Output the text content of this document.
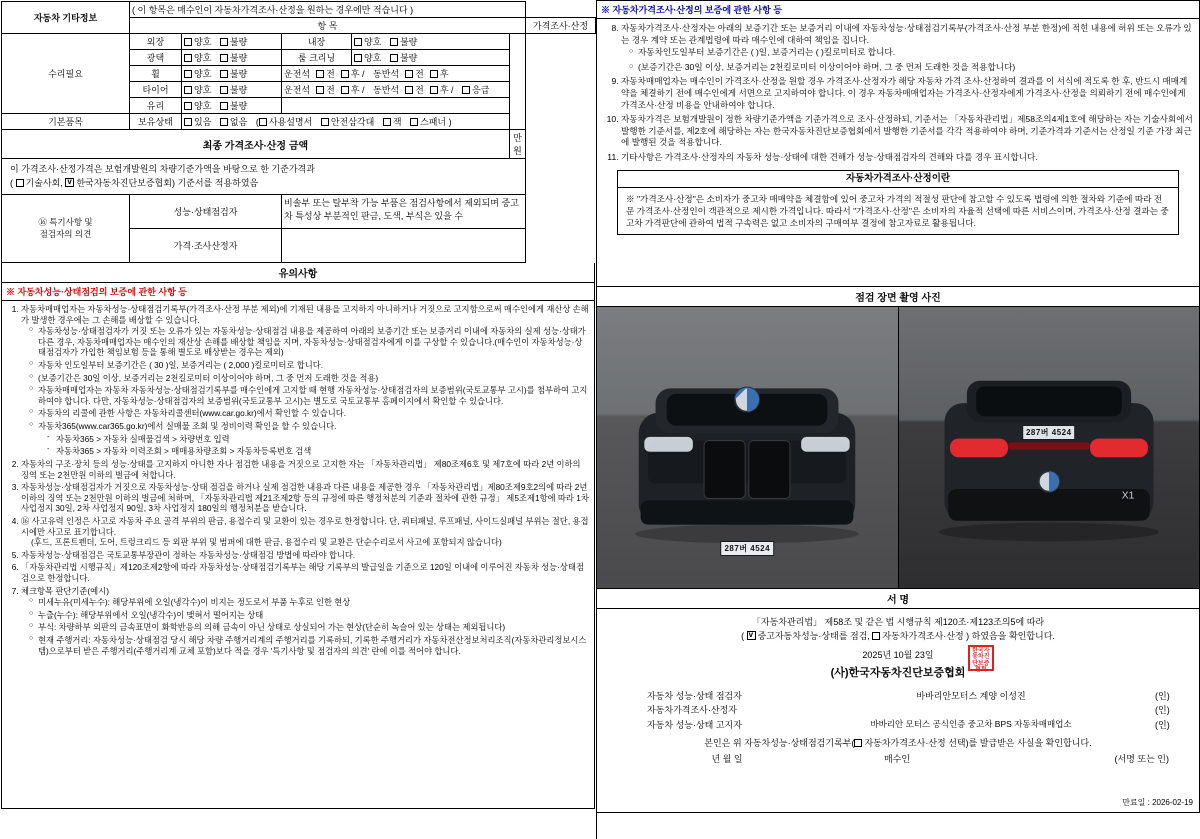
자동차 기타정보	( 이 항목은 매수인이 자동차가격조사·산정을 원하는 경우에만 적습니다 )					
	항 목					가격조사·산정
수리필요	외장	양호 불량	내장	양호 불량		
	광택	양호 불량	룸 크리닝	양호 불량		
	휠	양호 불량	운전석 전 후 / 동반석 전 후			
	타이어	양호 불량	운전석 전 후 / 동반석 전 후 / 응급			
	유리	양호 불량				
기본품목	보유상태	있음 없음 ( 사용설명서 안전삼각대 잭 스패너 )				
최종 가격조사·산정 금액					만원	

이 가격조사·산정가격은 보험개발원의 차량기준가액을 바탕으로 한 기준가격과
( 기술사회, v 한국자동차진단보증협회) 기준서를 적용하였음

⑯ 특기사항 및
점검자의 의견	성능·상태점검자		비솔부 또는 탈부착 가능 부품은 점검사항에서 제외되며 중고차 특성상 부분적인 판금, 도색, 부식은 있을 수			
	가격·조사산정자					
유의사항
※ 자동차성능·상태점검의 보증에 관한 사항 등
1. 자동차매매업자는 자동차성능·상태점검기록부(가격조사·산정 부분 제외)에 기재된 내용을 고지하지 아니하거나 거짓으로 고지함으로써 매수인에게 재산상 손해가 발생한 경우에는 그 손해를 배상할 수 있습니다.
○ 자동차성능·상태점검자가 거짓 또는 오류가 있는 자동차성능·상태점검 내용을 제공하여 아래의 보증기간 또는 보증거리 이내에 자동차의 실제 성능·상태가 다른 경우, 자동차매매업자는 매수인의 재산상 손해를 배상할 책임을 지며, 자동차성능·상태점검자에게 이를 구상할 수 있습니다.(매수인이 자동차성능·상태점검자가 가입한 책임보험 등을 통해 별도로 배상받는 경우는 제외)
○ 자동차 인도일부터 보증기간은 ( 30 )일, 보증거리는 ( 2,000 )킬로미터로 합니다.
○ (보증기간은 30일 이상, 보증거리는 2천킬로미터 이상이어야 하며, 그 중 먼저 도래한 것을 적용)
○ 자동차매매업자는 자동차 자동차성능·상태점검기록부를 매수인에게 고지할 때 현행 자동차성능·상태점검자의 보증범위(국토교통부 고시)를 첨부하여 고지하여야 합니다. 다만, 자동차성능·상태점검자의 보증범위(국토교통부 고시)는 별도로 국토교통부 홈페이지에서 확인할 수 있습니다.
○ 자동차의 리콜에 관한 사항은 자동차리콜센터(www.car.go.kr)에서 확인할 수 있습니다.
○ 자동차365(www.car365.go.kr)에서 실매물 조회 및 정비이력 확인을 할 수 있습니다.
- 자동차365 > 자동차 실매물검색 > 차량번호 입력
- 자동차365 > 자동차 이력조회 > 매매용차량조회 > 자동차등록번호 검색
2. 자동차의 구조·장치 등의 성능·상태를 고지하지 아니한 자나 점검한 내용을 거짓으로 고지한 자는 「자동차관리법」 제80조제6호 및 제7호에 따라 2년 이하의 징역 또는 2천만원 이하의 벌금에 처합니다.
3. 자동차성능·상태점검자가 거짓으로 자동차성능·상태 점검을 하거나 실제 점검한 내용과 다른 내용을 제공한 경우 「자동차관리법」제80조제9호2의에 따라 2년 이하의 징역 또는 2천만원 이하의 벌금에 처하며, 「자동차관리법 제21조제2항 등의 규정에 따른 행정처분의 기준과 절차에 관한 규정」 제5조제1항에 따라 1차 사업정지 30일, 2차 사업정지 90일, 3차 사업정지 180일의 행정처분을 받습니다.
4. ⑯ 사고유력 인정은 사고로 자동차 주요 골격 부위의 판금, 용접수리 및 교환이 있는 경우로 한정합니다. 단, 쿼터패널, 루프패널, 사이드실패널 부위는 절단, 용접 시에만 사고로 표기합니다.
(후드, 프론트펜더, 도어, 트렁크리드 등 외판 부위 및 범퍼에 대한 판금, 용접수리 및 교환은 단순수리로서 사고에 포함되지 않습니다)
5. 자동차성능·상태점검은 국토교통부장관이 정하는 자동차성능·상태점검 방법에 따라야 합니다.
6. 「자동차관리법 시행규칙」제120조제2항에 따라 자동차성능·상태점검기록부는 해당 기록부의 발급일을 기준으로 120일 이내에 이루어진 자동차 성능·상태점검으로 한정합니다.
7. 체크항목 판단기준(예시)
○ 미세누유(미세누수): 해당부위에 오일(냉각수)이 비지는 정도로서 부품 누후로 인한 현상
○ 누출(누수): 해당부위에서 오일(냉각수)이 맺혀서 떨어지는 상태
○ 부식: 차량하부 외판의 금속표면이 화학반응의 의해 금속이 아닌 상태로 상실되어 가는 현상(단순히 녹슬어 있는 상태는 제외됩니다)
○ 현재 주행거리: 자동차성능·상태점검 당시 해당 차량 주행거리계의 주행거리를 기록하되, 기록한 주행거리가 자동차전산정보처리조직(자동차관리정보시스템)으로부터 받은 주행거리(주행거리계 교체 포함)보다 적을 경우 '특기사항 및 점검자의 의견' 란에 이를 적어야 합니다.
※ 자동차가격조사·산정의 보증에 관한 사항 등
8. 자동차가격조사·산정자는 아래의 보증기간 또는 보증거리 이내에 자동차성능·상태점검기록부(가격조사·산정 부분 한정)에 적힌 내용에 허위 또는 오류가 있는 경우 계약 또는 관계법령에 따라 매수인에 대하여 책임을 집니다.
○ 자동차인도일부터 보증기간은 ( )일, 보증거리는 ( )킬로미터로 합니다.
○ (보증기간은 30일 이상, 보증거리는 2천킬로미터 이상이어야 하며, 그 중 먼저 도래한 것을 적용합니다)
9. 자동차매매업자는 매수인이 가격조사·산정을 원할 경우 가격조사·산정자가 해당 자동차 가격 조사·산정하여 결과를 이 서식에 적도록 한 후, 반드시 매매계약을 체결하기 전에 매수인에게 서면으로 고지하여야 합니다. 이 경우 자동차매매업자는 가격조사·산정자에게 가격조사·산정을 의뢰하기 전에 매수인에게 가격조사·산정 비용을 안내하여야 합니다.
10. 자동차가격은 보험개발원이 정한 차량기준가액을 기준가격으로 조사·산정하되, 기준서는 「자동차관리법」제58조의4제1호에 해당하는 자는 기술사회에서 발행한 기준서를, 제2호에 해당하는 자는 한국자동차진단보증협회에서 발행한 기준서를 각각 적용하여야 하며, 기준가격과 기준서는 산정일 기준 가장 최근에 발행된 것을 적용합니다.
11. 기타사항은 가격조사·산정자의 자동차 성능·상태에 대한 견해가 성능·상태점검자의 견해와 다를 경우 표시합니다.
자동차가격조사·산정이란
※ "가격조사·산정"은 소비자가 중고차 매매약을 체결함에 있어 중고차 가격의 적절성 판단에 참고할 수 있도록 법령에 의한 절차와 기준에 따라 전문 가격조사·산정인이 객관적으로 제시한 가격입니다. 따라서 "가격조사·산정"은 소비자의 자율적 선택에 따른 서비스이며, 가격조사·산정 결과는 중고차 가격판단에 관하여 법적 구속력은 없고 소비자의 구매여부 결정에 참고자료로 활용됩니다.
점검 장면 촬영 사진
287버 4524
X1
287버 4524
서 명
「자동차관리법」 제58조 및 같은 법 시행규칙 제120조·제123조의5에 따라
( v 중고자동차성능·상태를 점검, 자동차가격조사·산정 ) 하였음을 확인합니다.
2025년 10월 23일
(사)한국자동차진단보증협회
한국자동차진단보증협회
자동차 성능·상태 점검자	바바리안모터스 계양 이성진	(인)
자동차가격조사·산정자	(인)
자동차 성능·상태 고지자	바바리안 모터스 공식인증 중고차 BPS 자동차매매업소	(인)
본인은 위 자동차성능·상태점검기록부( 자동차가격조사·산정 선택)를 발급받은 사실을 확인합니다.
년 월 일	매수인	(서명 또는 인)
만료일 : 2026-02-19
